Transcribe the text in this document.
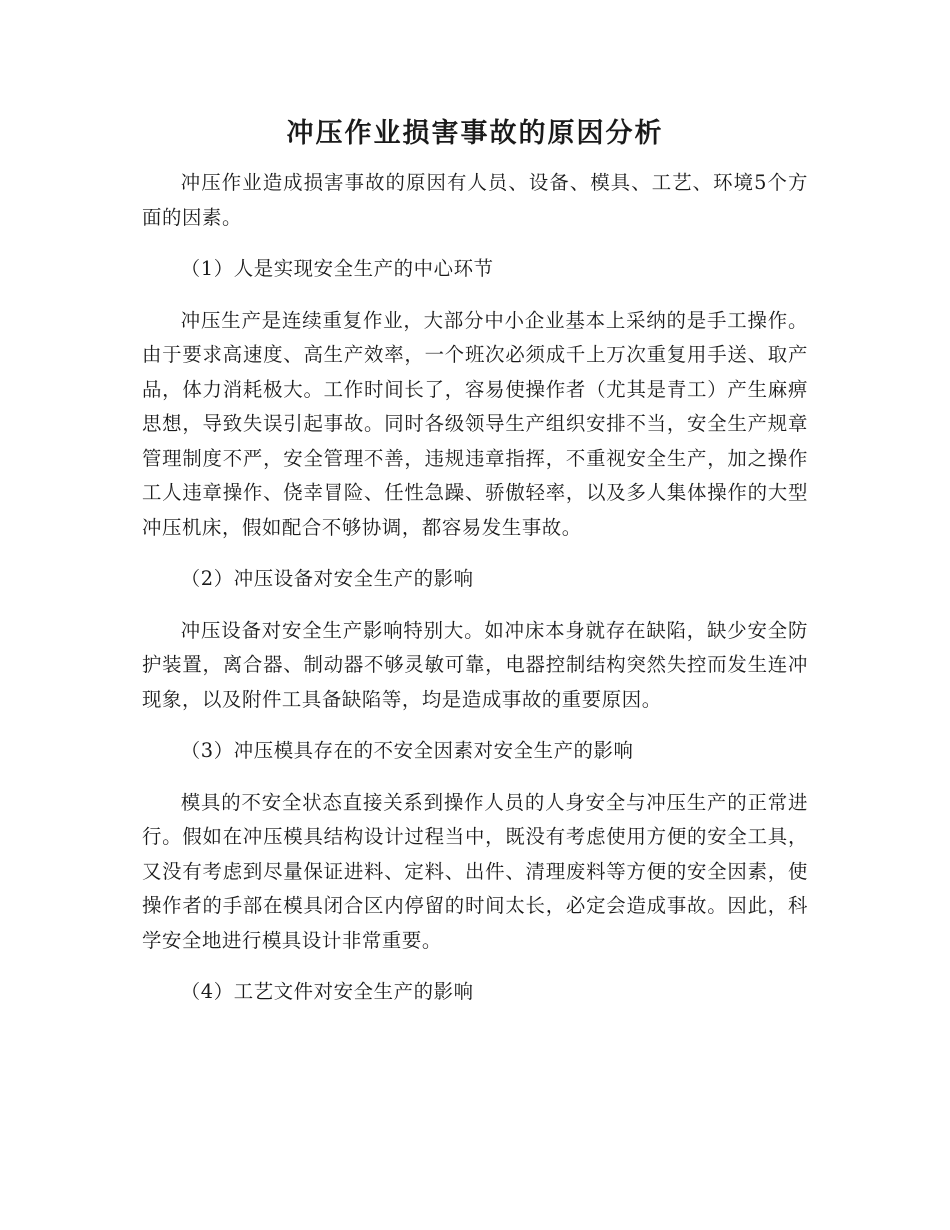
冲压作业损害事故的原因分析

冲压作业造成损害事故的原因有人员、设备、模具、工艺、环境5个方面的因素。

（1）人是实现安全生产的中心环节

冲压生产是连续重复作业，大部分中小企业基本上采纳的是手工操作。由于要求高速度、高生产效率，一个班次必须成千上万次重复用手送、取产品，体力消耗极大。工作时间长了，容易使操作者（尤其是青工）产生麻痹思想，导致失误引起事故。同时各级领导生产组织安排不当，安全生产规章管理制度不严，安全管理不善，违规违章指挥，不重视安全生产，加之操作工人违章操作、侥幸冒险、任性急躁、骄傲轻率，以及多人集体操作的大型冲压机床，假如配合不够协调，都容易发生事故。

（2）冲压设备对安全生产的影响

冲压设备对安全生产影响特别大。如冲床本身就存在缺陷，缺少安全防护装置，离合器、制动器不够灵敏可靠，电器控制结构突然失控而发生连冲现象，以及附件工具备缺陷等，均是造成事故的重要原因。

（3）冲压模具存在的不安全因素对安全生产的影响

模具的不安全状态直接关系到操作人员的人身安全与冲压生产的正常进行。假如在冲压模具结构设计过程当中，既没有考虑使用方便的安全工具，又没有考虑到尽量保证进料、定料、出件、清理废料等方便的安全因素，使操作者的手部在模具闭合区内停留的时间太长，必定会造成事故。因此，科学安全地进行模具设计非常重要。

（4）工艺文件对安全生产的影响
